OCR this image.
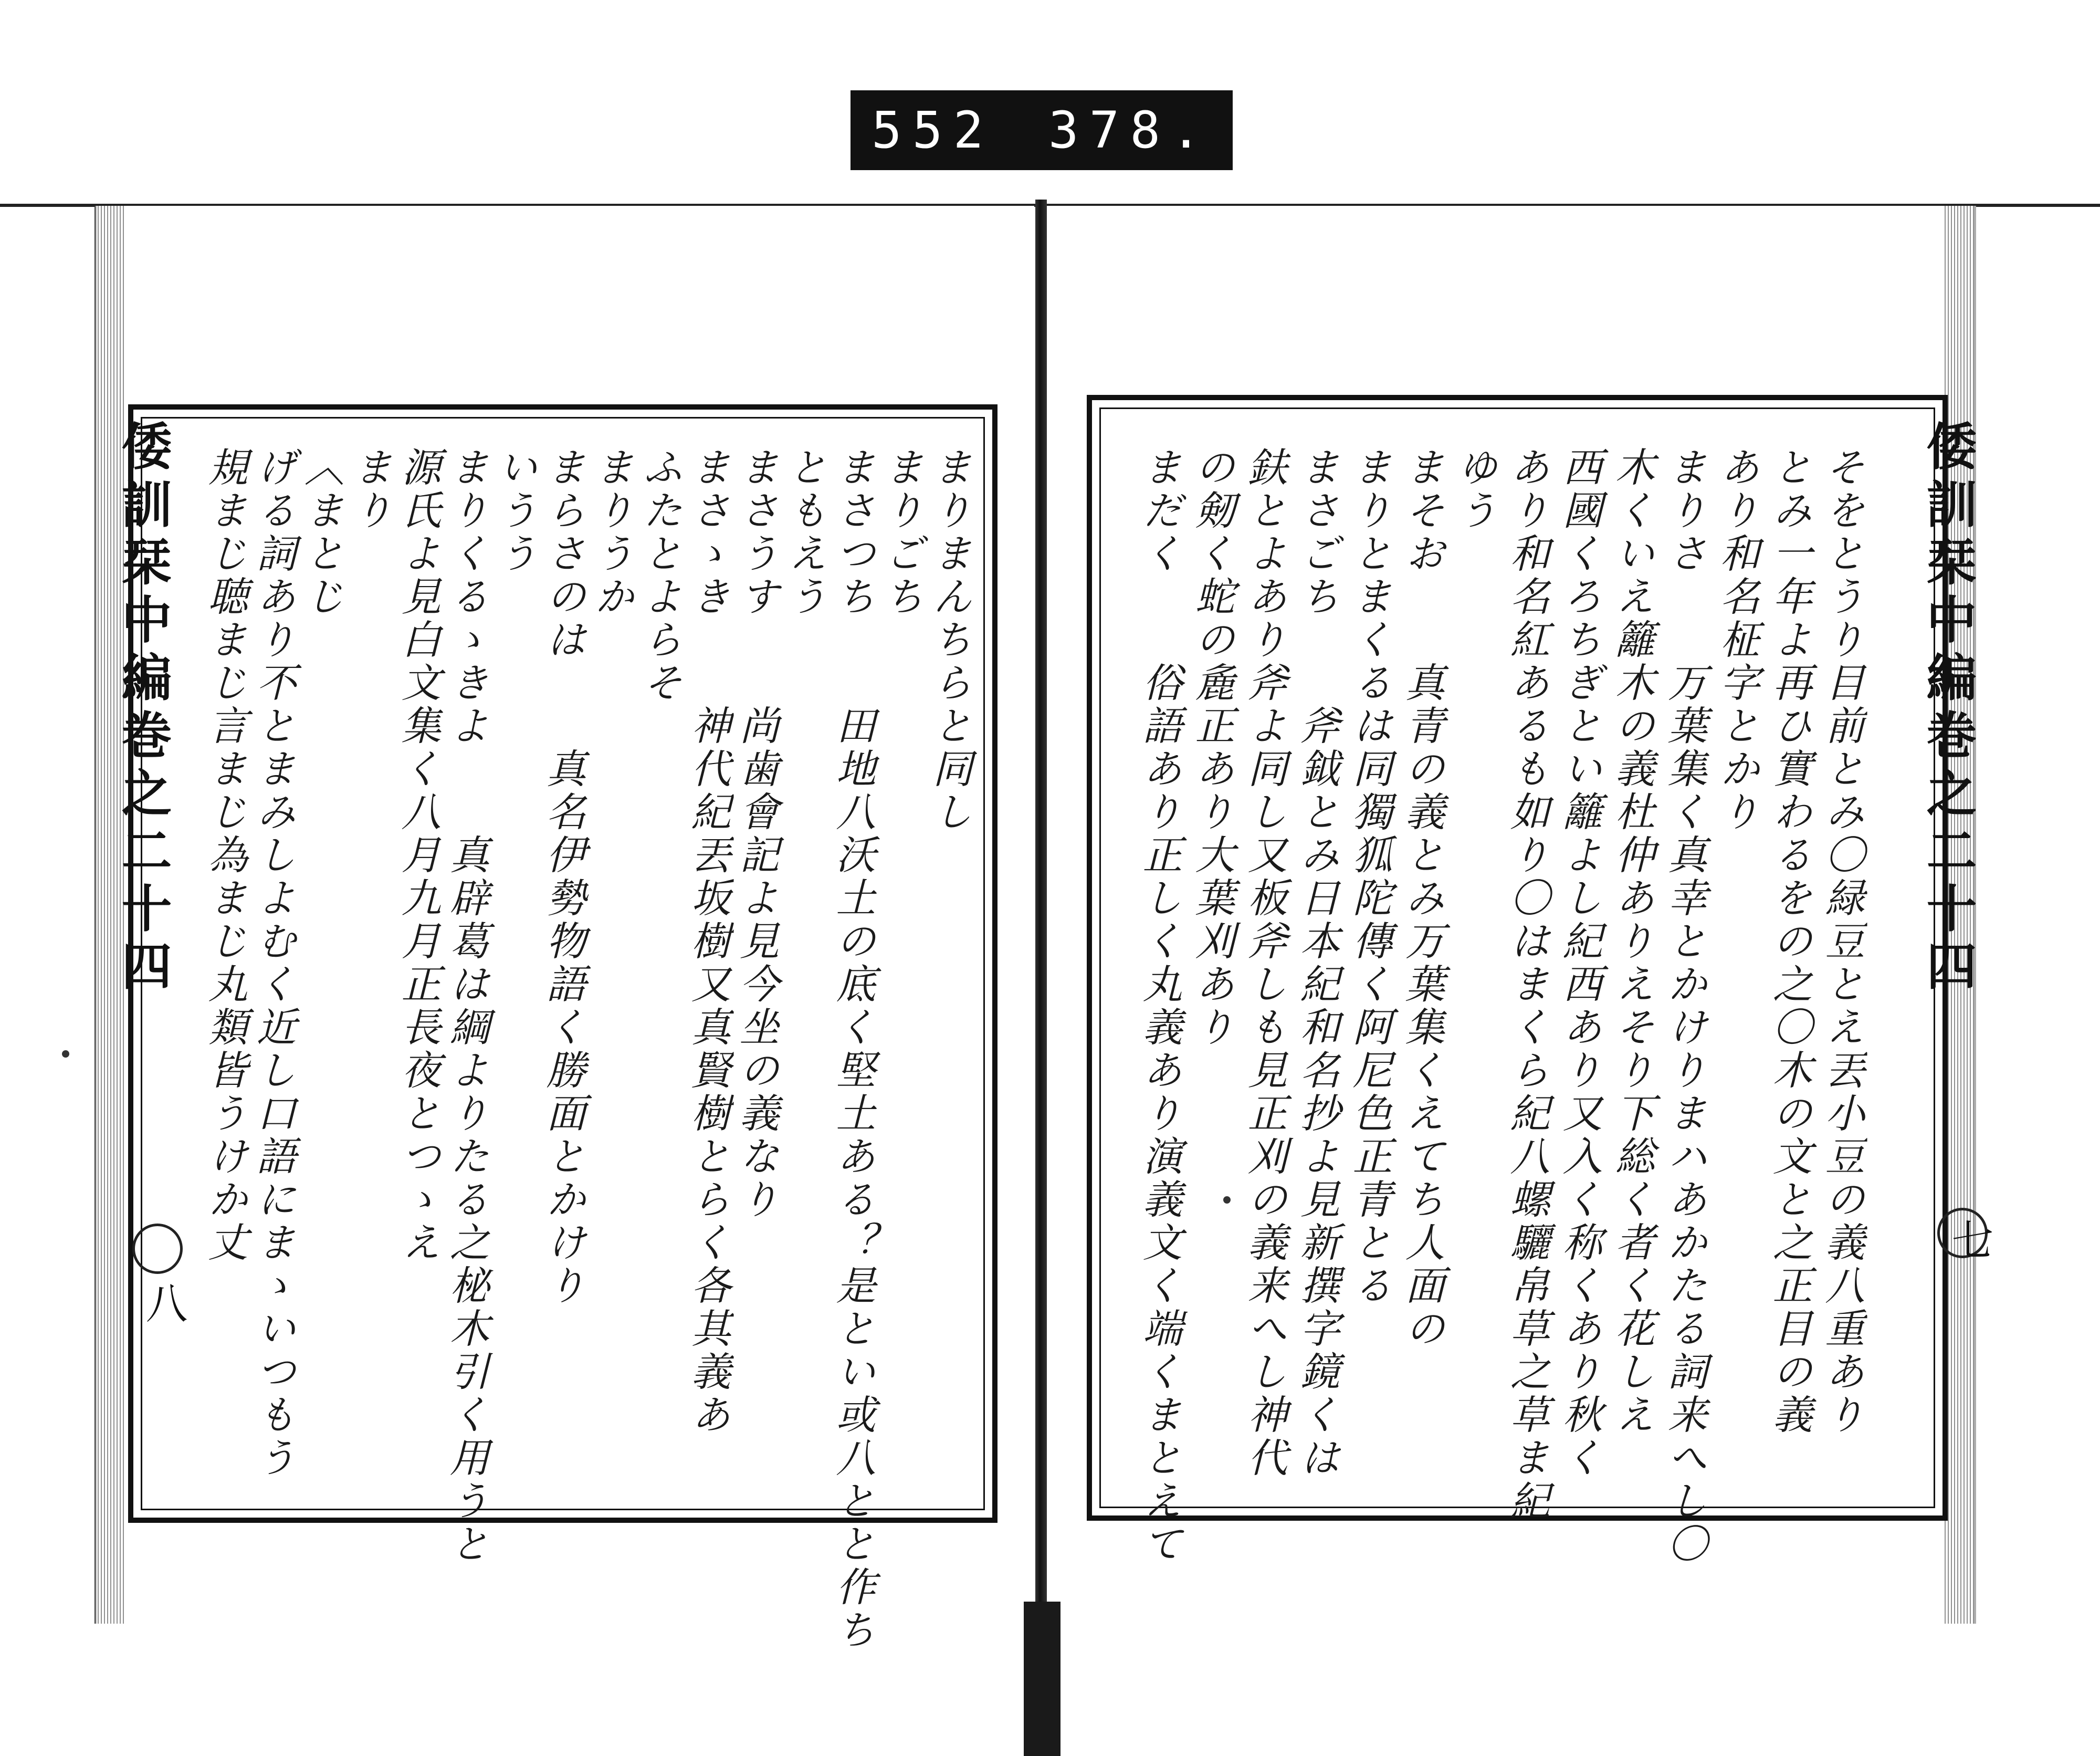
552 378.
まりまんちらと同し
まりごち
まさつち　　田地八沃土の底く堅土ある？是とい或八とと作ち
ともえう
まさうす　　尚歯會記よ見今坐の義なり
まさゝき　　神代紀丟坂樹又真賢樹とらく各其義あ
ふたとよらそ
まりうか
まらさのは　　真名伊勢物語く勝面とかけり
いうう
まりくるゝきよ　　真辟葛は綱よりたる之柲木引く用うと
源氏よ見白文集く八月九月正長夜とつゝえ
まり
〈まとじ
げる詞あり不とまみしよむく近し口語にまゝいつもう
規まじ聴まじ言まじ為まじ丸類皆うけか丈
倭訓栞中編巻之二十四
八	そをとうり目前とみ〇緑豆とえ丟小豆の義八重あり
とみ一年よ再ひ實わるをの之〇木の文と之正目の義
あり和名柾字とかり
まりさ　　万葉集く真幸とかけりまハあかたる詞来へし〇
木くいえ籬木の義杜仲ありえそり下総く者く花しえ
西國くろちぎとい籬よし紀西あり又入く称くあり秋く
あり和名紅あるも如り〇はまくら紀八螺驪帛草之草ま紀
ゆう
まそお　　真青の義とみ万葉集くえてち人面の
まりとまくるは同獨狐陀傳く阿尼色正青とる
まさごち　　斧鉞とみ日本紀和名抄よ見新撰字鏡くは
鈇とよあり斧よ同し又板斧しも見正刈の義来へし神代
の剱く蛇の麁正あり大葉刈あり
まだく　　俗語あり正しく丸義あり演義文く端くまとえて	倭訓栞中編巻之二十四
七
